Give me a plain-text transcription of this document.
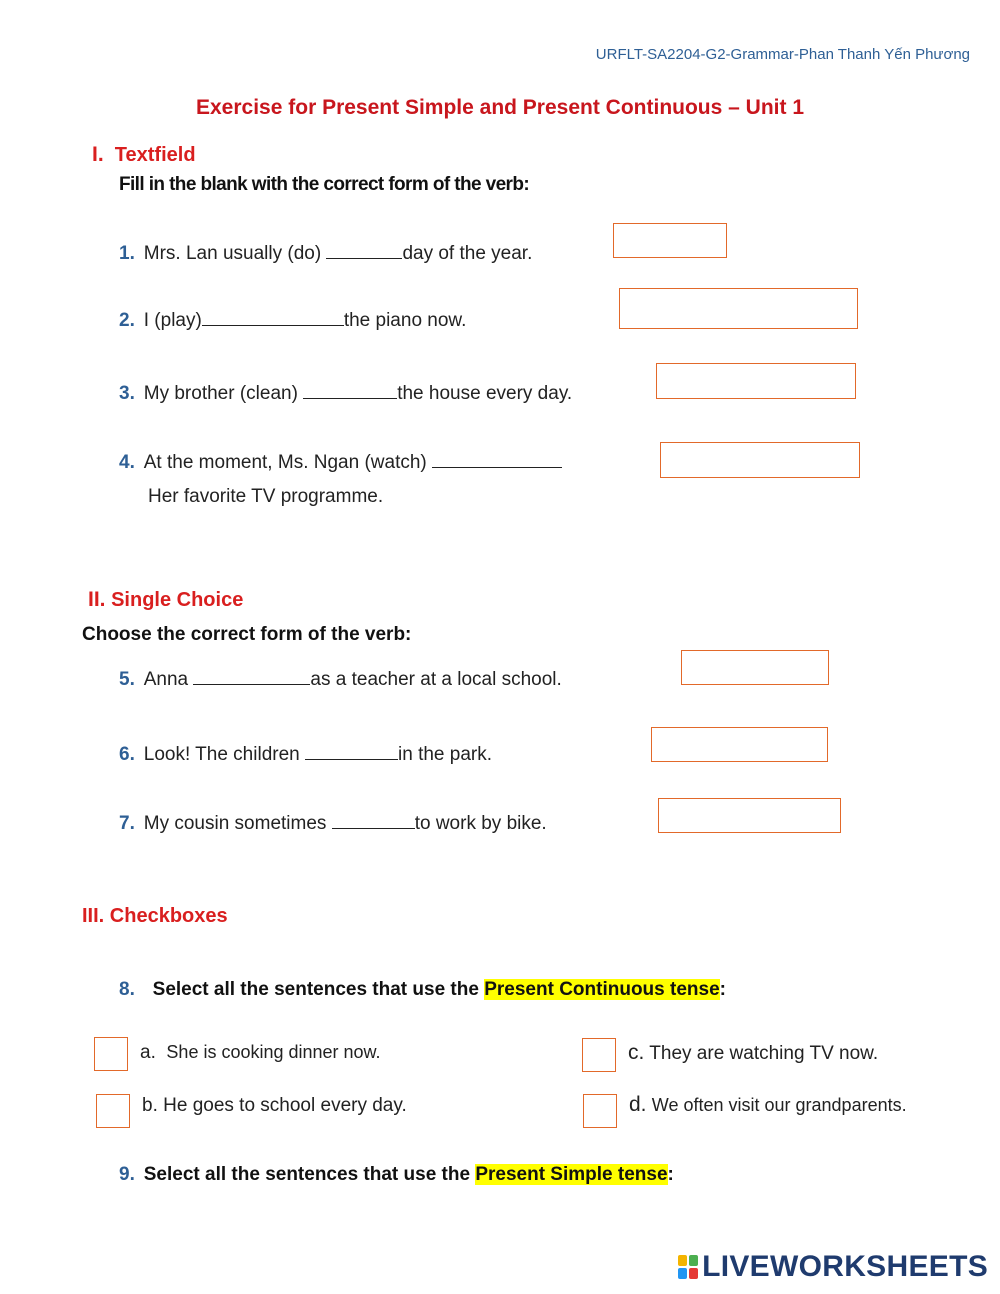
URFLT-SA2204-G2-Grammar-Phan Thanh Yến Phương
Exercise for Present Simple and Present Continuous – Unit 1
I. Textfield
Fill in the blank with the correct form of the verb:
1. Mrs. Lan usually (do)	day of the year.
2. I (play)	the piano now.
3. My brother (clean)	the house every day.
4. At the moment, Ms. Ngan (watch)
Her favorite TV programme.
II. Single Choice
Choose the correct form of the verb:
5. Anna	as a teacher at a local school.
6. Look! The children	in the park.
7. My cousin sometimes	to work by bike.
III. Checkboxes
8. Select all the sentences that use the Present Continuous tense:
a. She is cooking dinner now.
b. He goes to school every day.
c. They are watching TV now.
d. We often visit our grandparents.
9. Select all the sentences that use the Present Simple tense:
LIVEWORKSHEETS
